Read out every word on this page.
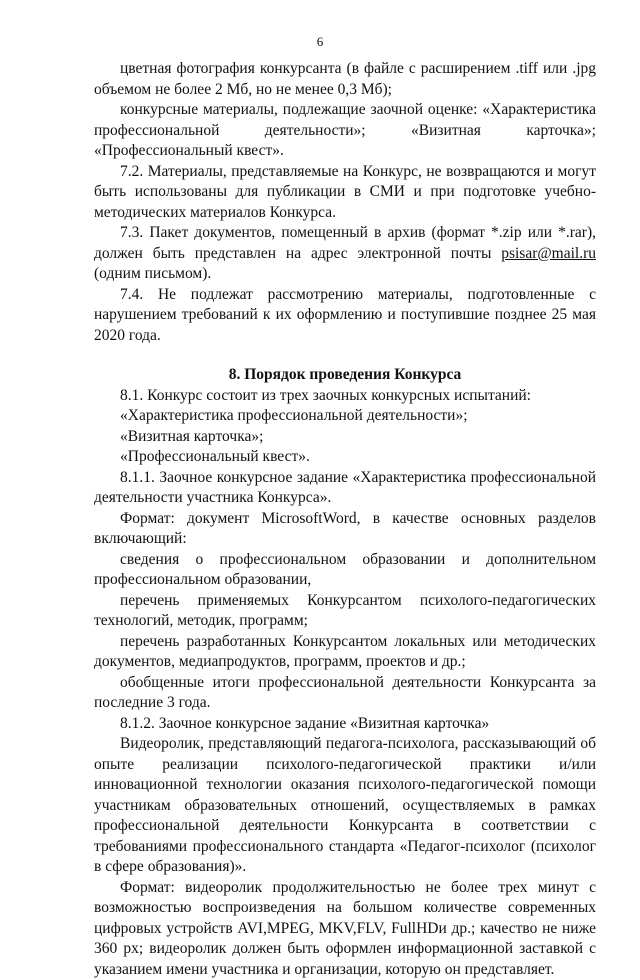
6

цветная фотография конкурсанта (в файле с расширением .tiff или .jpg объемом не более 2 Мб, но не менее 0,3 Мб);

конкурсные материалы, подлежащие заочной оценке: «Характеристика профессиональной деятельности»; «Визитная карточка»; «Профессиональный квест».

7.2. Материалы, представляемые на Конкурс, не возвращаются и могут быть использованы для публикации в СМИ и при подготовке учебно-методических материалов Конкурса.

7.3. Пакет документов, помещенный в архив (формат *.zip или *.rar), должен быть представлен на адрес электронной почты psisar@mail.ru (одним письмом).

7.4. Не подлежат рассмотрению материалы, подготовленные с нарушением требований к их оформлению и поступившие позднее 25 мая 2020 года.

8. Порядок проведения Конкурса

8.1. Конкурс состоит из трех заочных конкурсных испытаний:

«Характеристика профессиональной деятельности»;

«Визитная карточка»;

«Профессиональный квест».

8.1.1. Заочное конкурсное задание «Характеристика профессиональной деятельности участника Конкурса».

Формат: документ MicrosoftWord, в качестве основных разделов включающий:

сведения о профессиональном образовании и дополнительном профессиональном образовании,

перечень применяемых Конкурсантом психолого-педагогических технологий, методик, программ;

перечень разработанных Конкурсантом локальных или методических документов, медиапродуктов, программ, проектов и др.;

обобщенные итоги профессиональной деятельности Конкурсанта за последние 3 года.

8.1.2. Заочное конкурсное задание «Визитная карточка»

Видеоролик, представляющий педагога-психолога, рассказывающий об опыте реализации психолого-педагогической практики и/или инновационной технологии оказания психолого-педагогической помощи участникам образовательных отношений, осуществляемых в рамках профессиональной деятельности Конкурсанта в соответствии с требованиями профессионального стандарта «Педагог-психолог (психолог в сфере образования)».

Формат: видеоролик продолжительностью не более трех минут с возможностью воспроизведения на большом количестве современных цифровых устройств AVI,MPEG, MKV,FLV, FullHDи др.; качество не ниже 360 рх; видеоролик должен быть оформлен информационной заставкой с указанием имени участника и организации, которую он представляет.
